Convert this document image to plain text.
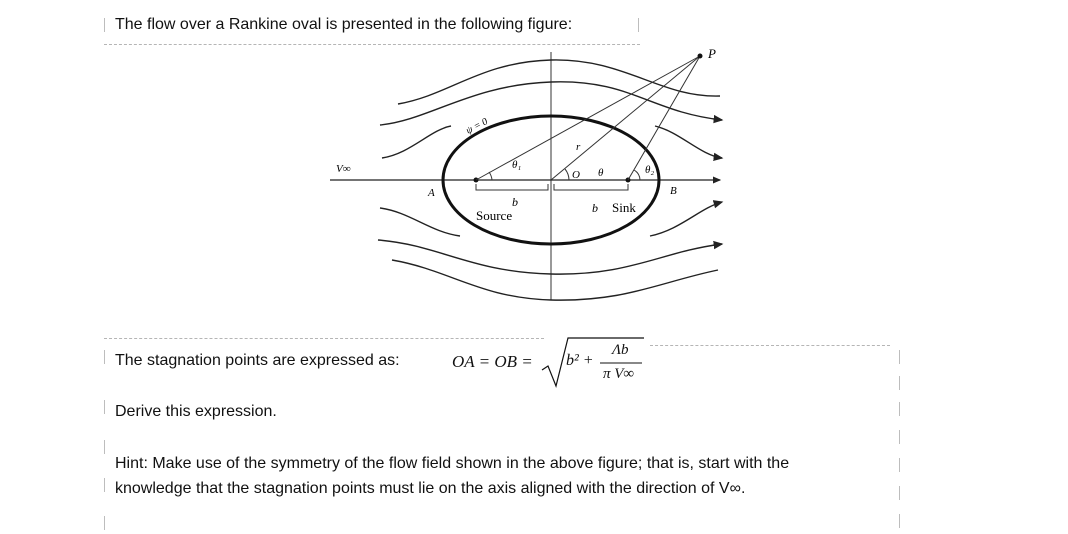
The flow over a Rankine oval is presented in the following figure:
P
ψ = 0
θ₁
r
O θ	θ₂
A	B
V∞
b	b
Source
Sink
The stagnation points are expressed as:	OA = OB = b² +
Λb
π V∞
Derive this expression.
Hint: Make use of the symmetry of the flow field shown in the above figure; that is, start with the
knowledge that the stagnation points must lie on the axis aligned with the direction of V∞.
